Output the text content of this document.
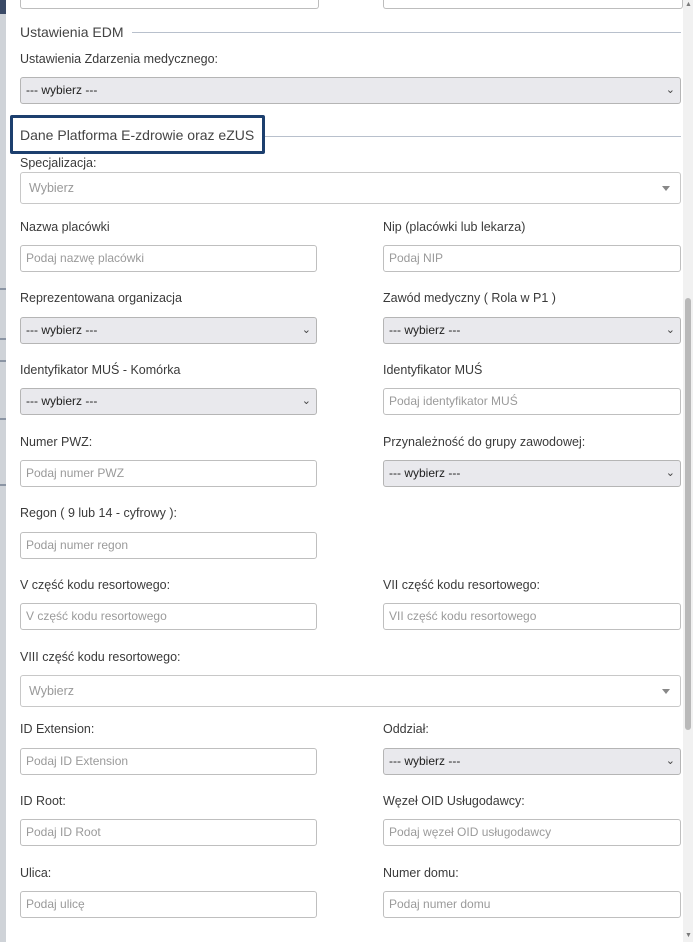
Ustawienia EDM
Ustawienia Zdarzenia medycznego:
--- wybierz ---	⌄
Dane Platforma E-zdrowie oraz eZUS
Specjalizacja:
Wybierz
Nazwa placówki
Podaj nazwę placówki
Nip (placówki lub lekarza)
Podaj NIP
Reprezentowana organizacja
--- wybierz ---	⌄
Zawód medyczny ( Rola w P1 )
--- wybierz ---	⌄
Identyfikator MUŚ - Komórka
--- wybierz ---	⌄
Identyfikator MUŚ
Podaj identyfikator MUŚ
Numer PWZ:
Podaj numer PWZ
Przynależność do grupy zawodowej:
--- wybierz ---	⌄
Regon ( 9 lub 14 - cyfrowy ):
Podaj numer regon
V część kodu resortowego:
V część kodu resortowego
VII część kodu resortowego:
VII część kodu resortowego
VIII część kodu resortowego:
Wybierz
ID Extension:
Podaj ID Extension
Oddział:
--- wybierz ---	⌄
ID Root:
Podaj ID Root
Węzeł OID Usługodawcy:
Podaj węzeł OID usługodawcy
Ulica:
Podaj ulicę
Numer domu:
Podaj numer domu
▲
▼
